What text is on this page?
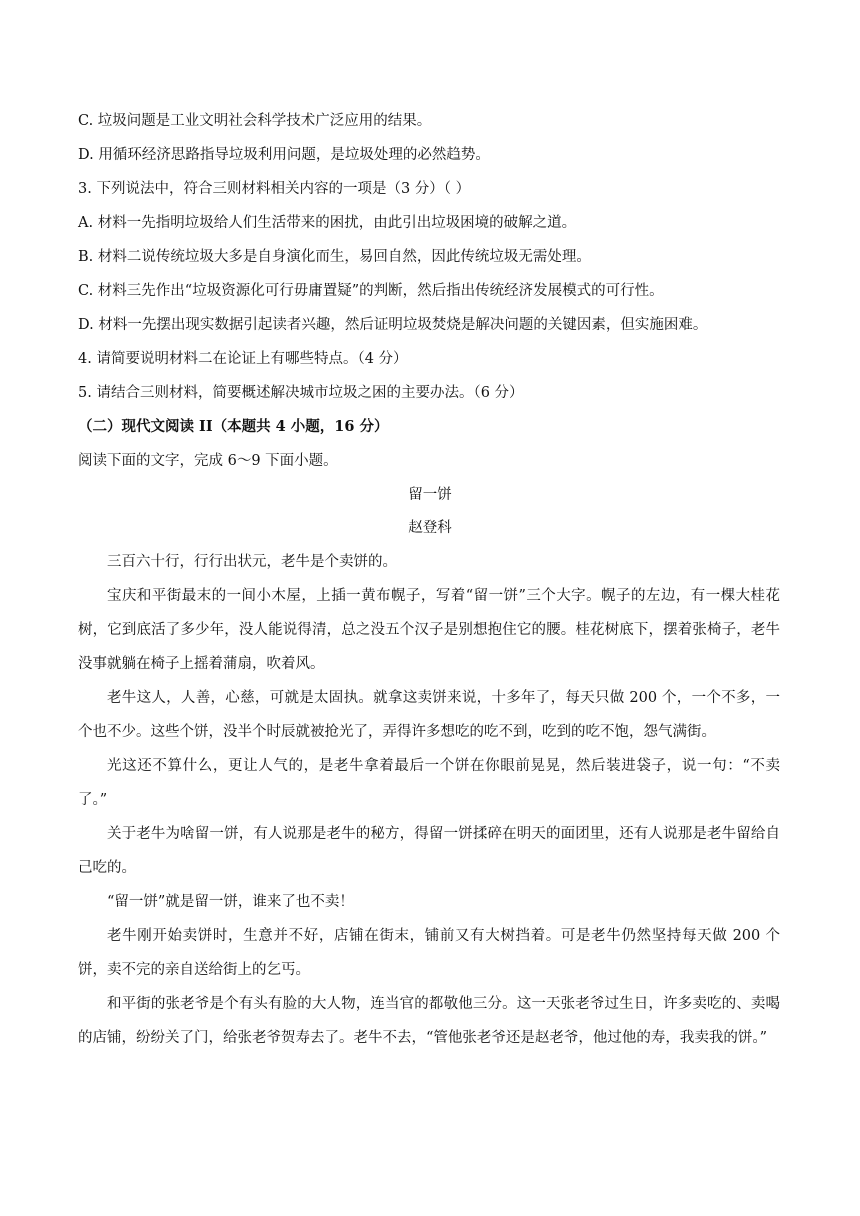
C. 垃圾问题是工业文明社会科学技术广泛应用的结果。
D. 用循环经济思路指导垃圾利用问题，是垃圾处理的必然趋势。
3. 下列说法中，符合三则材料相关内容的一项是（3 分）（ ）
A. 材料一先指明垃圾给人们生活带来的困扰，由此引出垃圾困境的破解之道。
B. 材料二说传统垃圾大多是自身演化而生，易回自然，因此传统垃圾无需处理。
C. 材料三先作出“垃圾资源化可行毋庸置疑”的判断，然后指出传统经济发展模式的可行性。
D. 材料一先摆出现实数据引起读者兴趣，然后证明垃圾焚烧是解决问题的关键因素，但实施困难。
4. 请简要说明材料二在论证上有哪些特点。（4 分）
5. 请结合三则材料，简要概述解决城市垃圾之困的主要办法。（6 分）
（二）现代文阅读 II（本题共 4 小题，16 分）
阅读下面的文字，完成 6～9 下面小题。
留一饼
赵登科

三百六十行，行行出状元，老牛是个卖饼的。

宝庆和平街最末的一间小木屋，上插一黄布幌子，写着“留一饼”三个大字。幌子的左边，有一棵大桂花树，它到底活了多少年，没人能说得清，总之没五个汉子是别想抱住它的腰。桂花树底下，摆着张椅子，老牛没事就躺在椅子上摇着蒲扇，吹着风。

老牛这人，人善，心慈，可就是太固执。就拿这卖饼来说，十多年了，每天只做 200 个，一个不多，一个也不少。这些个饼，没半个时辰就被抢光了，弄得许多想吃的吃不到，吃到的吃不饱，怨气满街。

光这还不算什么，更让人气的，是老牛拿着最后一个饼在你眼前晃晃，然后装进袋子，说一句：“不卖了。”

关于老牛为啥留一饼，有人说那是老牛的秘方，得留一饼揉碎在明天的面团里，还有人说那是老牛留给自己吃的。

“留一饼”就是留一饼，谁来了也不卖！

老牛刚开始卖饼时，生意并不好，店铺在街末，铺前又有大树挡着。可是老牛仍然坚持每天做 200 个饼，卖不完的亲自送给街上的乞丐。

和平街的张老爷是个有头有脸的大人物，连当官的都敬他三分。这一天张老爷过生日，许多卖吃的、卖喝的店铺，纷纷关了门，给张老爷贺寿去了。老牛不去，“管他张老爷还是赵老爷，他过他的寿，我卖我的饼。”
